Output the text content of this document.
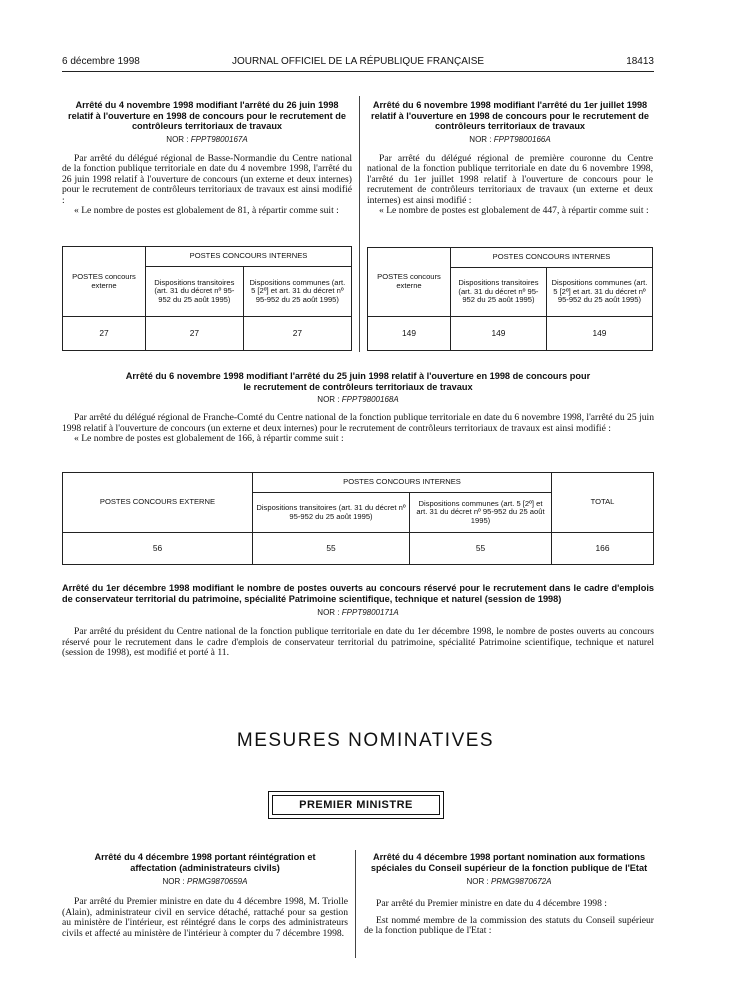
6 décembre 1998	JOURNAL OFFICIEL DE LA RÉPUBLIQUE FRANÇAISE	18413
Arrêté du 4 novembre 1998 modifiant l'arrêté du 26 juin 1998 relatif à l'ouverture en 1998 de concours pour le recrutement de contrôleurs territoriaux de travaux
NOR : FPPT9800167A

Par arrêté du délégué régional de Basse-Normandie du Centre national de la fonction publique territoriale en date du 4 novembre 1998, l'arrêté du 26 juin 1998 relatif à l'ouverture de concours (un externe et deux internes) pour le recrutement de contrôleurs territoriaux de travaux est ainsi modifié :

« Le nombre de postes est globalement de 81, à répartir comme suit :

POSTES concours externe	POSTES CONCOURS INTERNES	
	Dispositions transitoires (art. 31 du décret nº 95-952 du 25 août 1995)	Dispositions communes (art. 5 [2º] et art. 31 du décret nº 95-952 du 25 août 1995)
27	27	27
Arrêté du 6 novembre 1998 modifiant l'arrêté du 1er juillet 1998 relatif à l'ouverture en 1998 de concours pour le recrutement de contrôleurs territoriaux de travaux
NOR : FPPT9800166A

Par arrêté du délégué régional de première couronne du Centre national de la fonction publique territoriale en date du 6 novembre 1998, l'arrêté du 1er juillet 1998 relatif à l'ouverture de concours pour le recrutement de contrôleurs territoriaux de travaux (un externe et deux internes) est ainsi modifié :

« Le nombre de postes est globalement de 447, à répartir comme suit :

POSTES concours externe	POSTES CONCOURS INTERNES	
	Dispositions transitoires (art. 31 du décret nº 95-952 du 25 août 1995)	Dispositions communes (art. 5 [2º] et art. 31 du décret nº 95-952 du 25 août 1995)
149	149	149
Arrêté du 6 novembre 1998 modifiant l'arrêté du 25 juin 1998 relatif à l'ouverture en 1998 de concours pour le recrutement de contrôleurs territoriaux de travaux
NOR : FPPT9800168A

Par arrêté du délégué régional de Franche-Comté du Centre national de la fonction publique territoriale en date du 6 novembre 1998, l'arrêté du 25 juin 1998 relatif à l'ouverture de concours (un externe et deux internes) pour le recrutement de contrôleurs territoriaux de travaux est ainsi modifié :

« Le nombre de postes est globalement de 166, à répartir comme suit :

POSTES CONCOURS EXTERNE	POSTES CONCOURS INTERNES		TOTAL
	Dispositions transitoires (art. 31 du décret nº 95-952 du 25 août 1995)	Dispositions communes (art. 5 [2º] et art. 31 du décret nº 95-952 du 25 août 1995)	
56	55	55	166
Arrêté du 1er décembre 1998 modifiant le nombre de postes ouverts au concours réservé pour le recrutement dans le cadre d'emplois de conservateur territorial du patrimoine, spécialité Patrimoine scientifique, technique et naturel (session de 1998)
NOR : FPPT9800171A

Par arrêté du président du Centre national de la fonction publique territoriale en date du 1er décembre 1998, le nombre de postes ouverts au concours réservé pour le recrutement dans le cadre d'emplois de conservateur territorial du patrimoine, spécialité Patrimoine scientifique, technique et naturel (session de 1998), est modifié et porté à 11.

MESURES NOMINATIVES
PREMIER MINISTRE
Arrêté du 4 décembre 1998 portant réintégration et affectation (administrateurs civils)
NOR : PRMG9870659A

Par arrêté du Premier ministre en date du 4 décembre 1998, M. Triolle (Alain), administrateur civil en service détaché, rattaché pour sa gestion au ministère de l'intérieur, est réintégré dans le corps des administrateurs civils et affecté au ministère de l'intérieur à compter du 7 décembre 1998.

Arrêté du 4 décembre 1998 portant nomination aux formations spéciales du Conseil supérieur de la fonction publique de l'Etat
NOR : PRMG9870672A

Par arrêté du Premier ministre en date du 4 décembre 1998 :

Est nommé membre de la commission des statuts du Conseil supérieur de la fonction publique de l'Etat :
